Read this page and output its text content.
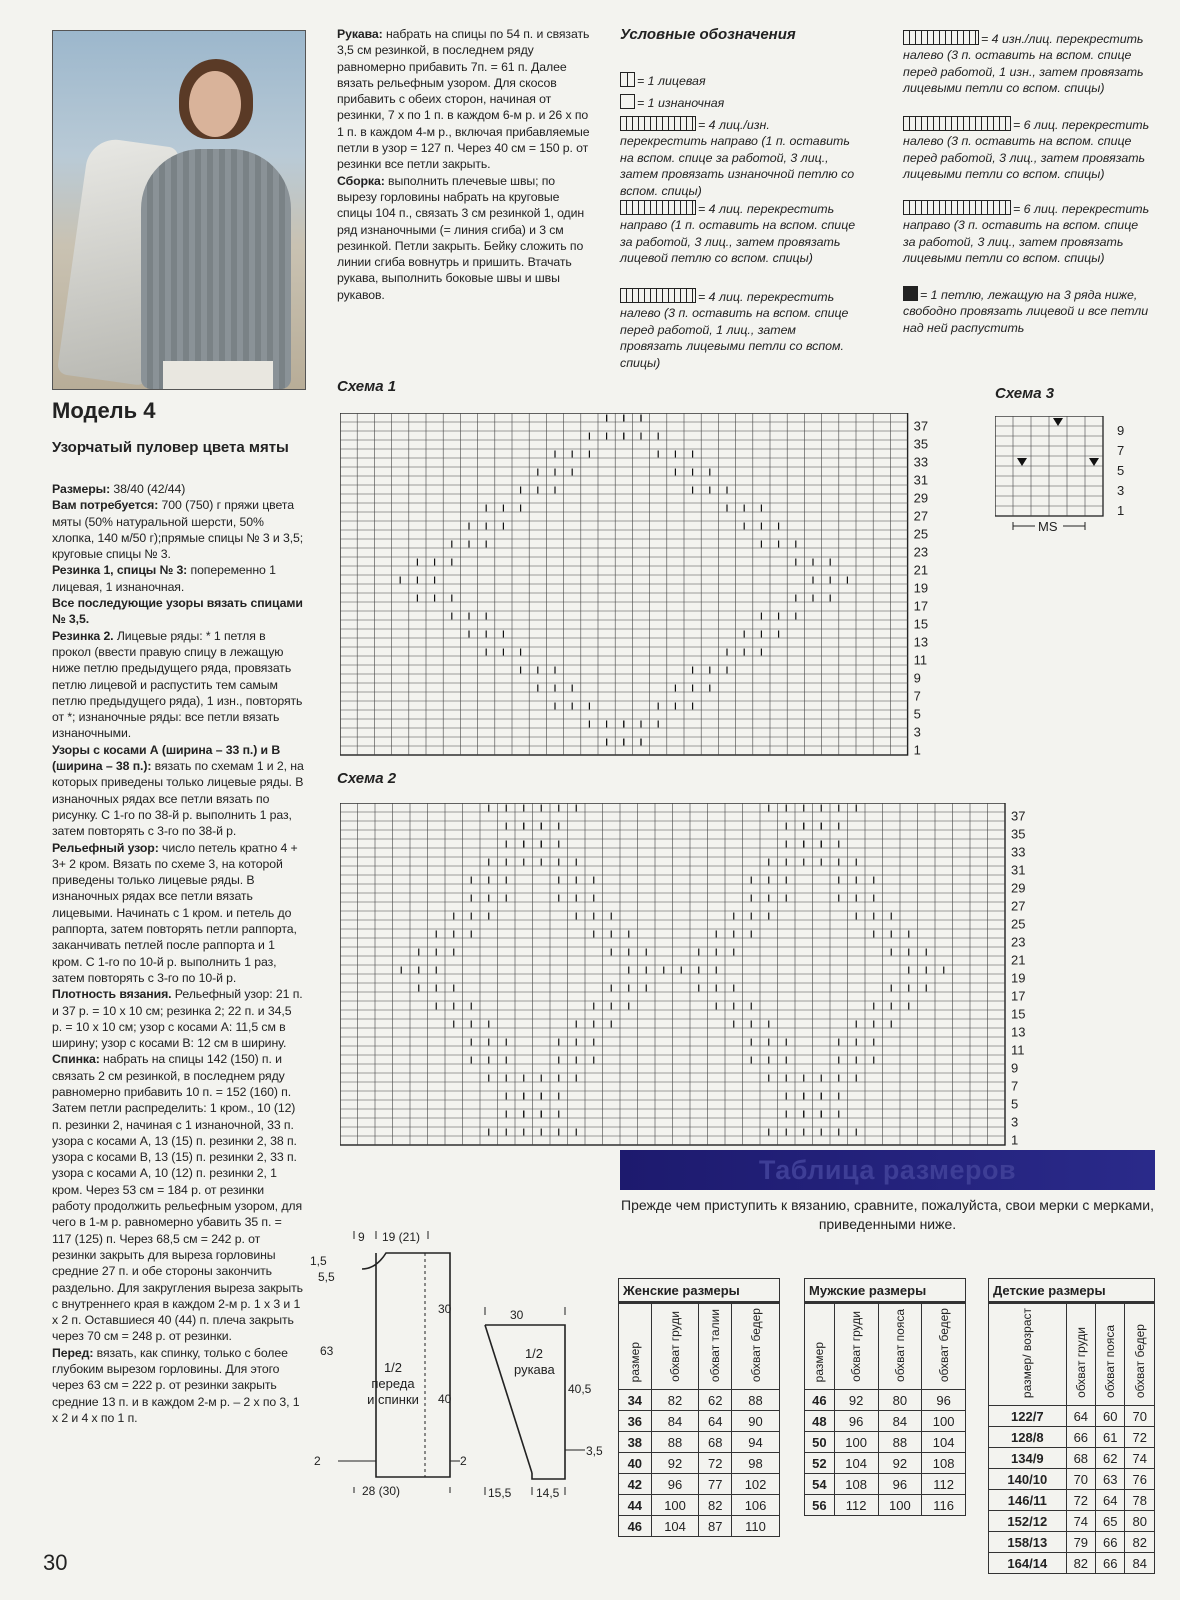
Модель 4
Узорчатый пуловер цвета мяты
Размеры: 38/40 (42/44)
Вам потребуется: 700 (750) г пряжи цвета мяты (50% натуральной шерсти, 50% хлопка, 140 м/50 г);прямые спицы № 3 и 3,5; круговые спицы № 3.
Резинка 1, спицы № 3: попеременно 1 лицевая, 1 изнаночная.
Все последующие узоры вязать спицами № 3,5.
Резинка 2. Лицевые ряды: * 1 петля в прокол (ввести правую спицу в лежащую ниже петлю предыдущего ряда, провязать петлю лицевой и распустить тем самым петлю предыдущего ряда), 1 изн., повторять от *; изнаночные ряды: все петли вязать изнаночными.
Узоры с косами А (ширина – 33 п.) и В (ширина – 38 п.): вязать по схемам 1 и 2, на которых приведены только лицевые ряды. В изнаночных рядах все петли вязать по рисунку. С 1-го по 38-й р. выполнить 1 раз, затем повторять с 3-го по 38-й р.
Рельефный узор: число петель кратно 4 + 3+ 2 кром. Вязать по схеме 3, на которой приведены только лицевые ряды. В изнаночных рядах все петли вязать лицевыми. Начинать с 1 кром. и петель до раппорта, затем повторять петли раппорта, заканчивать петлей после раппорта и 1 кром. С 1-го по 10-й р. выполнить 1 раз, затем повторять с 3-го по 10-й р.
Плотность вязания. Рельефный узор: 21 п. и 37 р. = 10 х 10 см; резинка 2; 22 п. и 34,5 р. = 10 х 10 см; узор с косами А: 11,5 см в ширину; узор с косами В: 12 см в ширину.
Спинка: набрать на спицы 142 (150) п. и связать 2 см резинкой, в последнем ряду равномерно прибавить 10 п. = 152 (160) п. Затем петли распределить: 1 кром., 10 (12) п. резинки 2, начиная с 1 изнаночной, 33 п. узора с косами А, 13 (15) п. резинки 2, 38 п. узора с косами В, 13 (15) п. резинки 2, 33 п. узора с косами А, 10 (12) п. резинки 2, 1 кром. Через 53 см = 184 р. от резинки работу продолжить рельефным узором, для чего в 1-м р. равномерно убавить 35 п. = 117 (125) п. Через 68,5 см = 242 р. от резинки закрыть для выреза горловины средние 27 п. и обе стороны закончить раздельно. Для закругления выреза закрыть с внутреннего края в каждом 2-м р. 1 х 3 и 1 х 2 п. Оставшиеся 40 (44) п. плеча закрыть через 70 см = 248 р. от резинки.
Перед: вязать, как спинку, только с более глубоким вырезом горловины. Для этого через 63 см = 222 р. от резинки закрыть средние 13 п. и в каждом 2-м р. – 2 х по 3, 1 х 2 и 4 х по 1 п.
Рукава: набрать на спицы по 54 п. и связать 3,5 см резинкой, в последнем ряду равномерно прибавить 7п. = 61 п. Далее вязать рельефным узором. Для скосов прибавить с обеих сторон, начиная от резинки, 7 х по 1 п. в каждом 6-м р. и 26 х по 1 п. в каждом 4-м р., включая прибавляемые петли в узор = 127 п. Через 40 см = 150 р. от резинки все петли закрыть.
Сборка: выполнить плечевые швы; по вырезу горловины набрать на круговые спицы 104 п., связать 3 см резинкой 1, один ряд изнаночными (= линия сгиба) и 3 см резинкой. Петли закрыть. Бейку сложить по линии сгиба вовнутрь и пришить. Втачать рукава, выполнить боковые швы и швы рукавов.
Условные обозначения
= 1 лицевая
= 1 изнаночная
= 4 лиц./изн. перекрестить направо (1 п. оставить на вспом. спице за работой, 3 лиц., затем провязать изнаночной петлю со вспом. спицы)
= 4 лиц. перекрестить направо (1 п. оставить на вспом. спице за работой, 3 лиц., затем провязать лицевой петлю со вспом. спицы)
= 4 лиц. перекрестить налево (3 п. оставить на вспом. спице перед работой, 1 лиц., затем провязать лицевыми петли со вспом. спицы)
= 4 изн./лиц. перекрестить налево (3 п. оставить на вспом. спице перед работой, 1 изн., затем провязать лицевыми петли со вспом. спицы)
= 6 лиц. перекрестить налево (3 п. оставить на вспом. спице перед работой, 3 лиц., затем провязать лицевыми петли со вспом. спицы)
= 6 лиц. перекрестить направо (3 п. оставить на вспом. спице за работой, 3 лиц., затем провязать лицевыми петли со вспом. спицы)
= 1 петлю, лежащую на 3 ряда ниже, свободно провязать лицевой и все петли над ней распустить
Схема 1
Схема 2
Схема 3
37
35
33
31
29
27
25
23
21
19
17
15
13
11
9
7
5
3
1
37
35
33
31
29
27
25
23
21
19
17
15
13
11
9
7
5
3
1
9
7
5
3
1
MS
9 19 (21)
1,5
5,5
63
30
40
2	2
28 (30)
30
40,5
3,5
15,5 14,5
1/2 переда и спинки
1/2 рукава
Таблица размеров
Прежде чем приступить к вязанию, сравните, пожалуйста, свои мерки с мерками, приведенными ниже.
Женские размеры			
размер	обхват груди	обхват талии	обхват бедер
34	82	62	88
36	84	64	90
38	88	68	94
40	92	72	98
42	96	77	102
44	100	82	106
46	104	87	110
Мужские размеры			
размер	обхват груди	обхват пояса	обхват бедер
46	92	80	96
48	96	84	100
50	100	88	104
52	104	92	108
54	108	96	112
56	112	100	116
Детские размеры			
размер/ возраст	обхват груди	обхват пояса	обхват бедер
122/7	64	60	70
128/8	66	61	72
134/9	68	62	74
140/10	70	63	76
146/11	72	64	78
152/12	74	65	80
158/13	79	66	82
164/14	82	66	84
30
